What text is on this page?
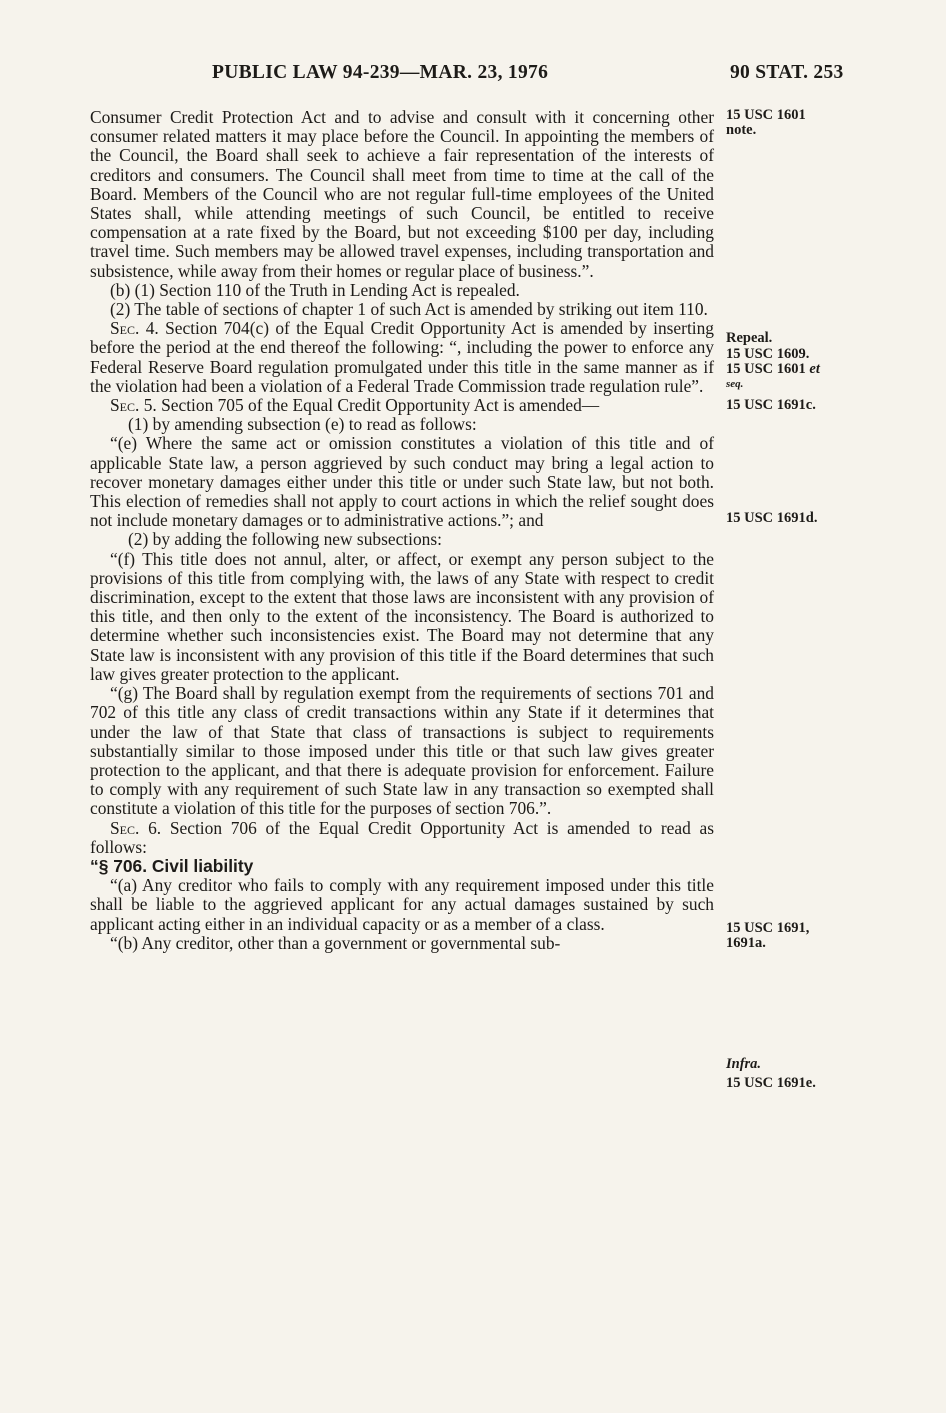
PUBLIC LAW 94-239—MAR. 23, 1976	90 STAT. 253

Consumer Credit Protection Act and to advise and consult with it concerning other consumer related matters it may place before the Council. In appointing the members of the Council, the Board shall seek to achieve a fair representation of the interests of creditors and consumers. The Council shall meet from time to time at the call of the Board. Members of the Council who are not regular full-time employees of the United States shall, while attending meetings of such Council, be entitled to receive compensation at a rate fixed by the Board, but not exceeding $100 per day, including travel time. Such members may be allowed travel expenses, including transportation and subsistence, while away from their homes or regular place of business.”.

(b) (1) Section 110 of the Truth in Lending Act is repealed.

(2) The table of sections of chapter 1 of such Act is amended by striking out item 110.

Sec. 4. Section 704(c) of the Equal Credit Opportunity Act is amended by inserting before the period at the end thereof the following: “, including the power to enforce any Federal Reserve Board regulation promulgated under this title in the same manner as if the violation had been a violation of a Federal Trade Commission trade regulation rule”.

Sec. 5. Section 705 of the Equal Credit Opportunity Act is amended—

(1) by amending subsection (e) to read as follows:

“(e) Where the same act or omission constitutes a violation of this title and of applicable State law, a person aggrieved by such conduct may bring a legal action to recover monetary damages either under this title or under such State law, but not both. This election of remedies shall not apply to court actions in which the relief sought does not include monetary damages or to administrative actions.”; and

(2) by adding the following new subsections:

“(f) This title does not annul, alter, or affect, or exempt any person subject to the provisions of this title from complying with, the laws of any State with respect to credit discrimination, except to the extent that those laws are inconsistent with any provision of this title, and then only to the extent of the inconsistency. The Board is authorized to determine whether such inconsistencies exist. The Board may not determine that any State law is inconsistent with any provision of this title if the Board determines that such law gives greater protection to the applicant.

“(g) The Board shall by regulation exempt from the requirements of sections 701 and 702 of this title any class of credit transactions within any State if it determines that under the law of that State that class of transactions is subject to requirements substantially similar to those imposed under this title or that such law gives greater protection to the applicant, and that there is adequate provision for enforcement. Failure to comply with any requirement of such State law in any transaction so exempted shall constitute a violation of this title for the purposes of section 706.”.

Sec. 6. Section 706 of the Equal Credit Opportunity Act is amended to read as follows:

“§ 706. Civil liability

“(a) Any creditor who fails to comply with any requirement imposed under this title shall be liable to the aggrieved applicant for any actual damages sustained by such applicant acting either in an individual capacity or as a member of a class.

“(b) Any creditor, other than a government or governmental sub-

15 USC 1601
note.
Repeal.
15 USC 1609.
15 USC 1601 et
seq.
15 USC 1691c.
15 USC 1691d.
15 USC 1691,
1691a.
Infra.
15 USC 1691e.
